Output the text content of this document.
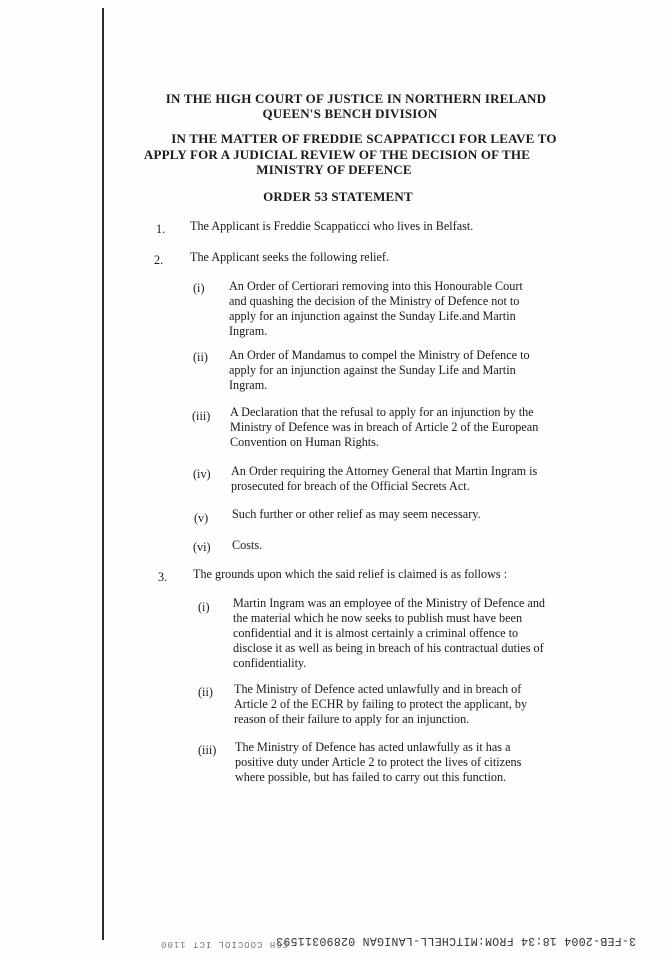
IN THE HIGH COURT OF JUSTICE IN NORTHERN IRELAND
QUEEN'S BENCH DIVISION
IN THE MATTER OF FREDDIE SCAPPATICCI FOR LEAVE TO
APPLY FOR A JUDICIAL REVIEW OF THE DECISION OF THE
MINISTRY OF DEFENCE
ORDER 53 STATEMENT
1. The Applicant is Freddie Scappaticci who lives in Belfast.
2. The Applicant seeks the following relief.
(i) An Order of Certiorari removing into this Honourable Court
and quashing the decision of the Ministry of Defence not to
apply for an injunction against the Sunday Life.and Martin
Ingram.
(ii) An Order of Mandamus to compel the Ministry of Defence to
apply for an injunction against the Sunday Life and Martin
Ingram.
(iii) A Declaration that the refusal to apply for an injunction by the
Ministry of Defence was in breach of Article 2 of the European
Convention on Human Rights.
(iv) An Order requiring the Attorney General that Martin Ingram is
prosecuted for breach of the Official Secrets Act.
(v) Such further or other relief as may seem necessary.
(vi) Costs.
3. The grounds upon which the said relief is claimed is as follows :
(i) Martin Ingram was an employee of the Ministry of Defence and
the material which he now seeks to publish must have been
confidential and it is almost certainly a criminal offence to
disclose it as well as being in breach of his contractual duties of
confidentiality.
(ii) The Ministry of Defence acted unlawfully and in breach of
Article 2 of the ECHR by failing to protect the applicant, by
reason of their failure to apply for an injunction.
(iii) The Ministry of Defence has acted unlawfully as it has a
positive duty under Article 2 to protect the lives of citizens
where possible, but has failed to carry out this function.
3-FEB-2004 18:34 FROM:MITCHELL-LANIGAN 02890311593
CCH COOCIOL ICT 1100
